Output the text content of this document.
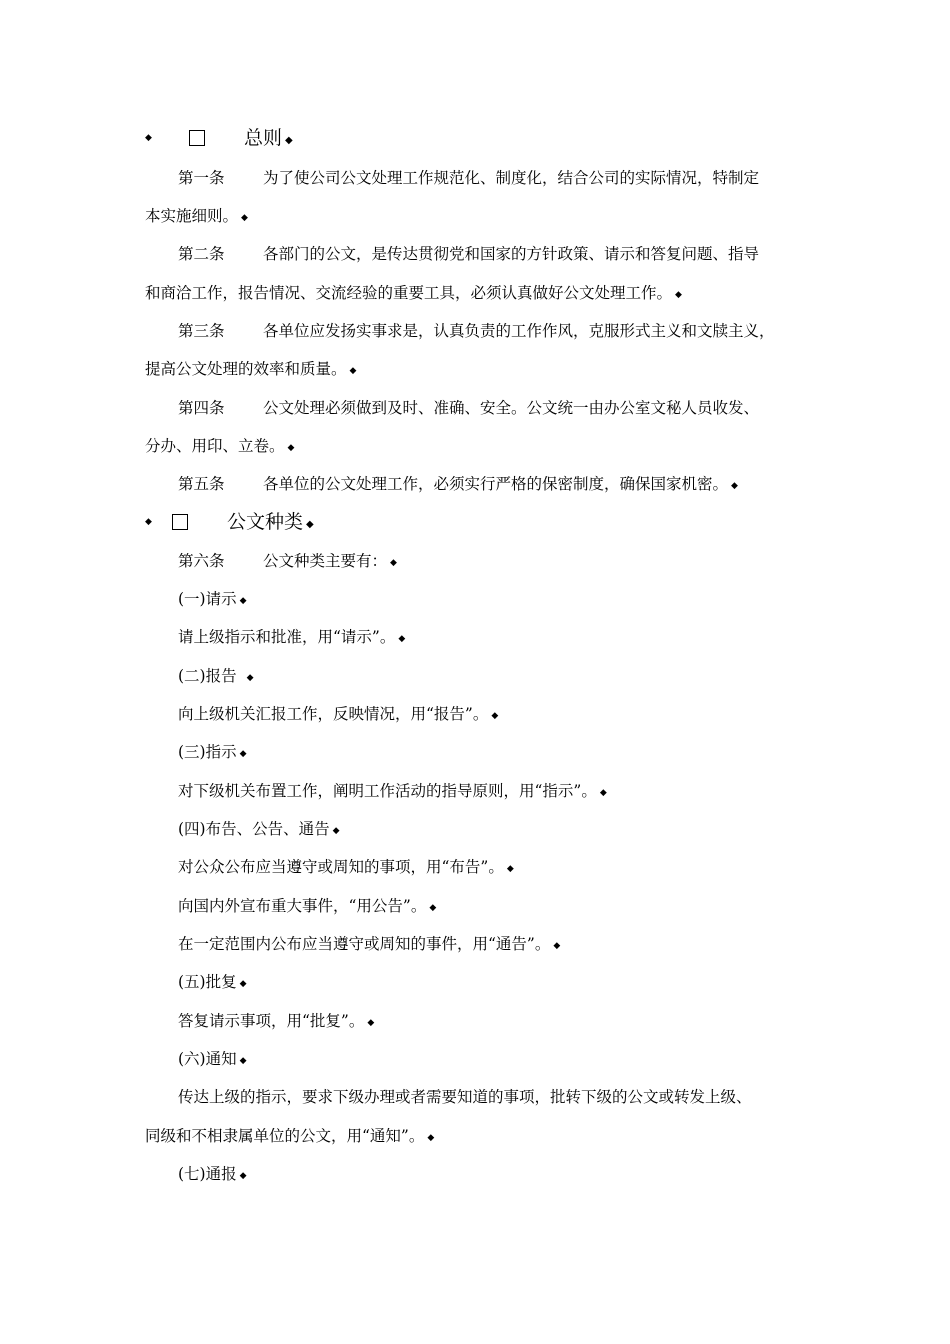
◆	总则 ◆
第一条 为了使公司公文处理工作规范化、制度化，结合公司的实际情况，特制定
本实施细则。 ◆
第二条 各部门的公文，是传达贯彻党和国家的方针政策、请示和答复问题、指导
和商洽工作，报告情况、交流经验的重要工具，必须认真做好公文处理工作。 ◆
第三条 各单位应发扬实事求是，认真负责的工作作风，克服形式主义和文牍主义，
提高公文处理的效率和质量。 ◆
第四条 公文处理必须做到及时、准确、安全。公文统一由办公室文秘人员收发、
分办、用印、立卷。 ◆
第五条 各单位的公文处理工作，必须实行严格的保密制度，确保国家机密。 ◆
◆	公文种类 ◆
第六条 公文种类主要有： ◆
(一)请示 ◆
请上级指示和批准，用“请示”。 ◆
(二)报告 ◆
向上级机关汇报工作，反映情况，用“报告”。 ◆
(三)指示 ◆
对下级机关布置工作，阐明工作活动的指导原则，用“指示”。 ◆
(四)布告、公告、通告 ◆
对公众公布应当遵守或周知的事项，用“布告”。 ◆
向国内外宣布重大事件，“用公告”。 ◆
在一定范围内公布应当遵守或周知的事件，用“通告”。 ◆
(五)批复 ◆
答复请示事项，用“批复”。 ◆
(六)通知 ◆
传达上级的指示，要求下级办理或者需要知道的事项，批转下级的公文或转发上级、
同级和不相隶属单位的公文，用“通知”。 ◆
(七)通报 ◆
